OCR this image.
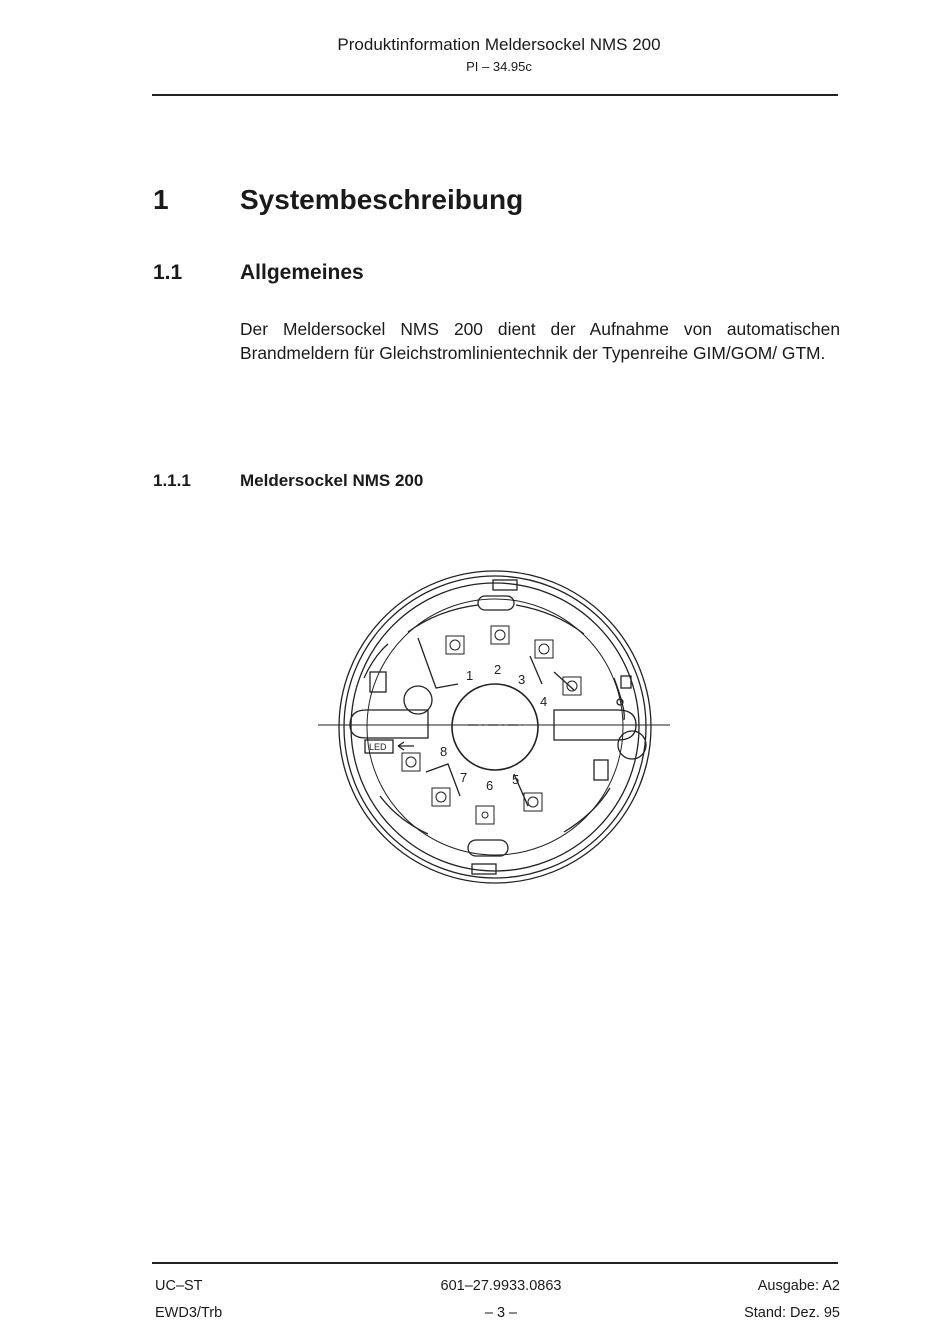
Produktinformation Meldersockel NMS 200
PI – 34.95c
1	Systembeschreibung
1.1	Allgemeines
Der Meldersockel NMS 200 dient der Aufnahme von automatischen Brandmeldern für Gleichstromlinientechnik der Typenreihe GIM/GOM/ GTM.
1.1.1	Meldersockel NMS 200
LED
1 2
3
4
5
6
7
8
UC–ST
EWD3/Trb
601–27.9933.0863
– 3 –
Ausgabe: A2
Stand: Dez. 95
